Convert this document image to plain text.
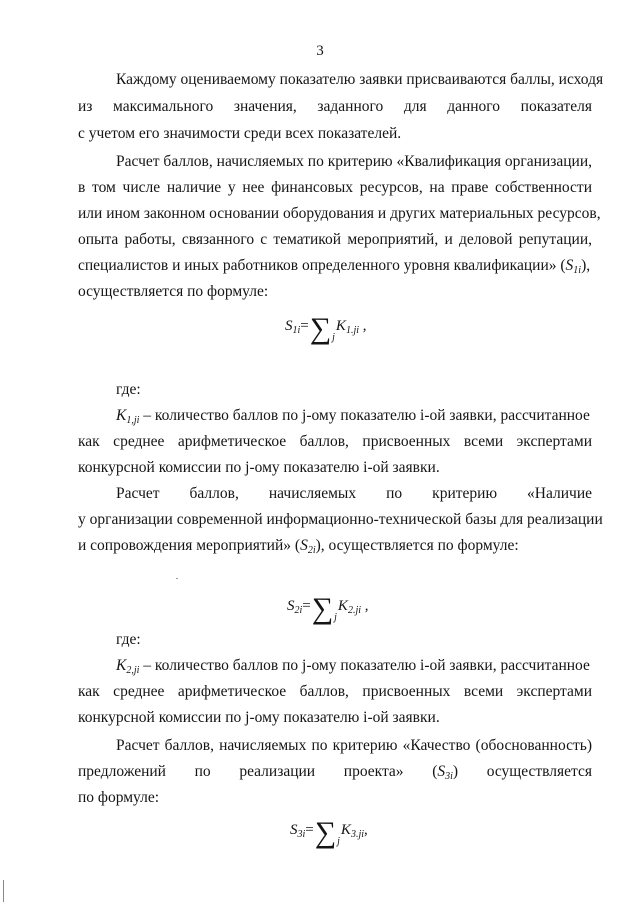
3
Каждому оцениваемому показателю заявки присваиваются баллы, исходя
из максимального значения, заданного для данного показателя
с учетом его значимости среди всех показателей.
Расчет баллов, начисляемых по критерию «Квалификация организации,
в том числе наличие у нее финансовых ресурсов, на праве собственности
или ином законном основании оборудования и других материальных ресурсов,
опыта работы, связанного с тематикой мероприятий, и деловой репутации,
специалистов и иных работников определенного уровня квалификации» $(S_{1i})$,
осуществляется по формуле:
$S_{1i}=\sum_jK_{1.ji}$ ,
где:
$K_{1,ji}$ – количество баллов по j-ому показателю i-ой заявки, рассчитанное
как среднее арифметическое баллов, присвоенных всеми экспертами
конкурсной комиссии по j-ому показателю i-ой заявки.
Расчет баллов, начисляемых по критерию «Наличие
у организации современной информационно-технической базы для реализации
и сопровождения мероприятий» $(S_{2i})$, осуществляется по формуле:
$S_{2i}=\sum_jK_{2.ji}$ ,
где:
$K_{2,ji}$ – количество баллов по j-ому показателю i-ой заявки, рассчитанное
как среднее арифметическое баллов, присвоенных всеми экспертами
конкурсной комиссии по j-ому показателю i-ой заявки.
Расчет баллов, начисляемых по критерию «Качество (обоснованность)
предложений по реализации проекта» $(S_{3i})$ осуществляется
по формуле:
$S_{3i}=\sum_jK_{3.ji}$,
